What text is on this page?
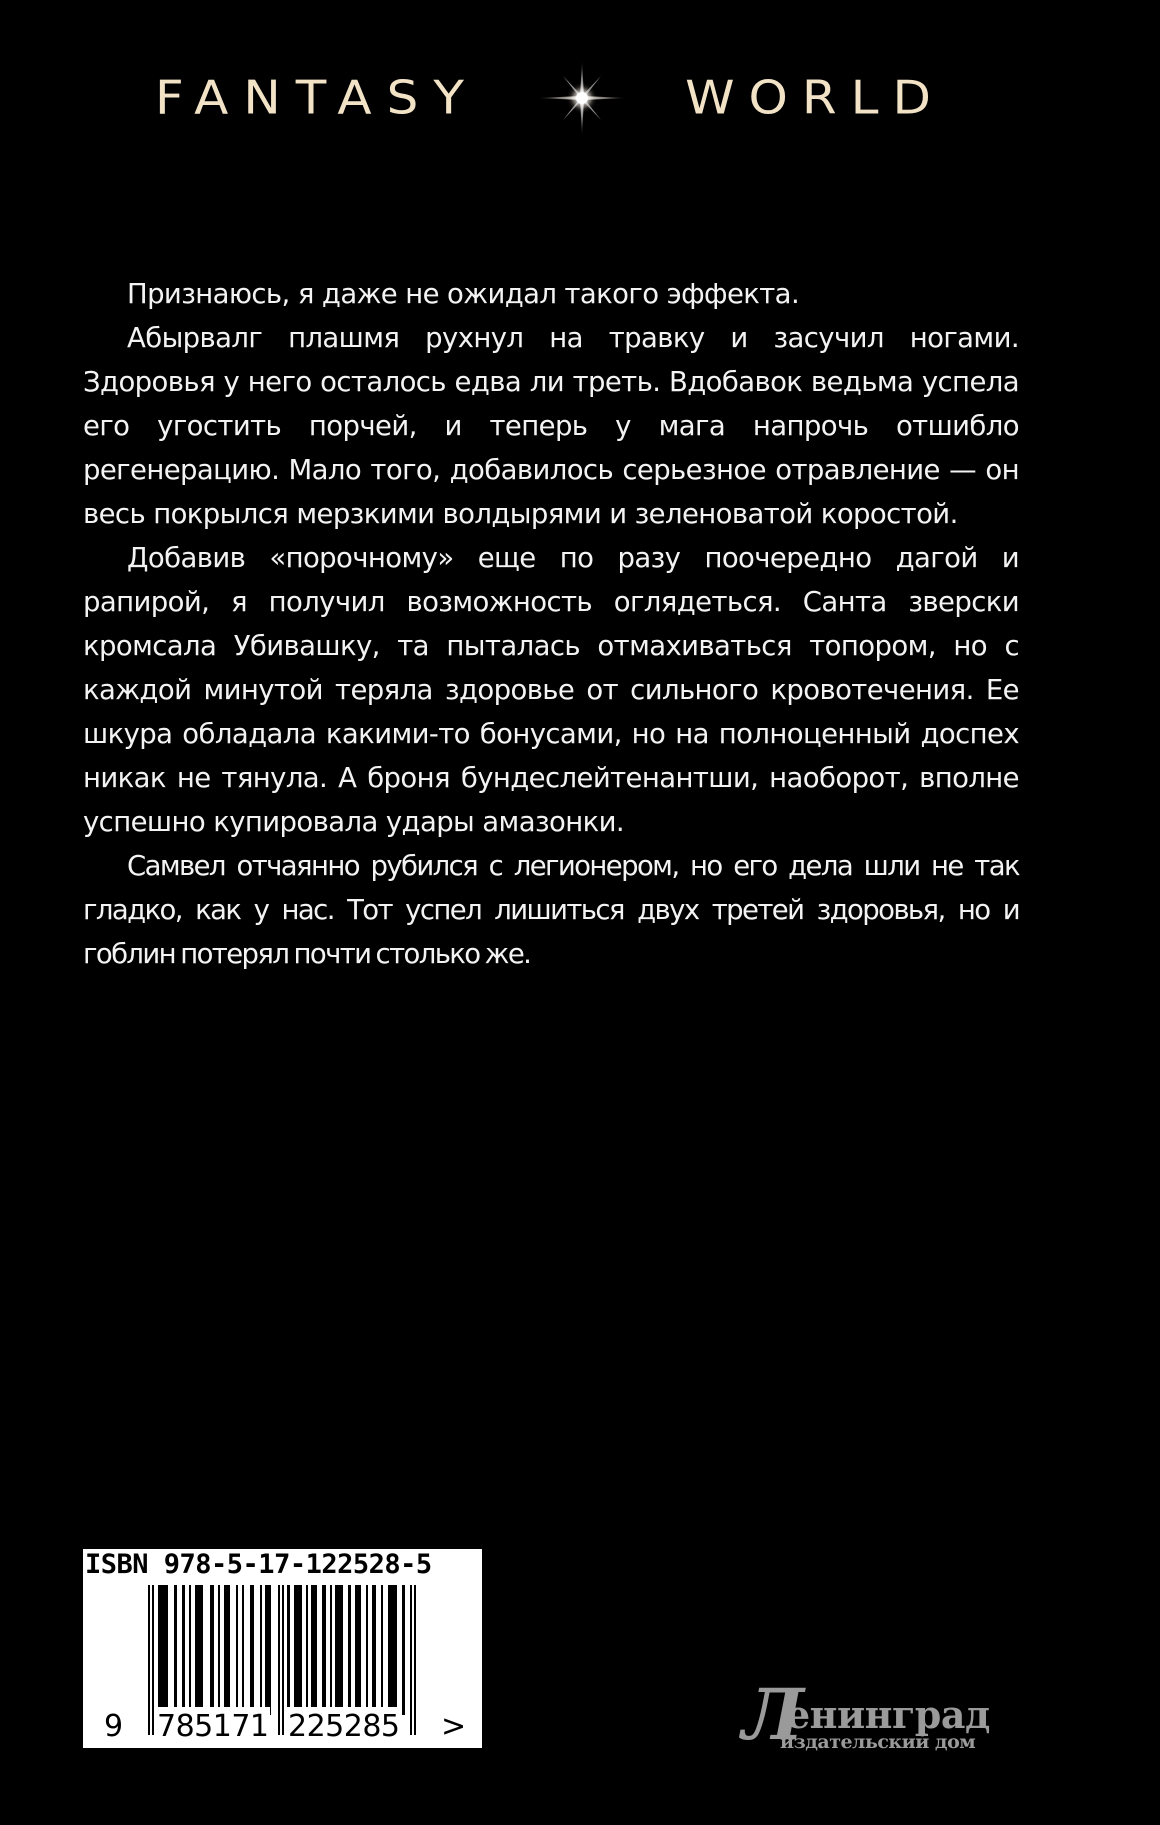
FANTASY	WORLD

Признаюсь, я даже не ожидал такого эффекта.

Абырвалг плашмя рухнул на травку и засучил ногами. Здоровья у него осталось едва ли треть. Вдобавок ведьма успела его угостить порчей, и теперь у мага напрочь отшибло регенерацию. Мало того, добавилось серьезное отравление — он весь покрылся мерзкими волдырями и зеленоватой коростой.

Добавив «порочному» еще по разу поочередно дагой и рапирой, я получил возможность оглядеться. Санта зверски кромсала Убивашку, та пыталась отмахиваться топором, но с каждой минутой теряла здоровье от сильного кровотечения. Ее шкура обладала какими-то бонусами, но на полноценный доспех никак не тянула. А броня бундеслейтенантши, наоборот, вполне успешно купировала удары амазонки.

Самвел отчаянно рубился с легионером, но его дела шли не так гладко, как у нас. Тот успел лишиться двух третей здоровья, но и гоблин потерял почти столько же.

ISBN 978-5-17-122528-5
9 785171 225285 >	Л
енинград
издательский дом
